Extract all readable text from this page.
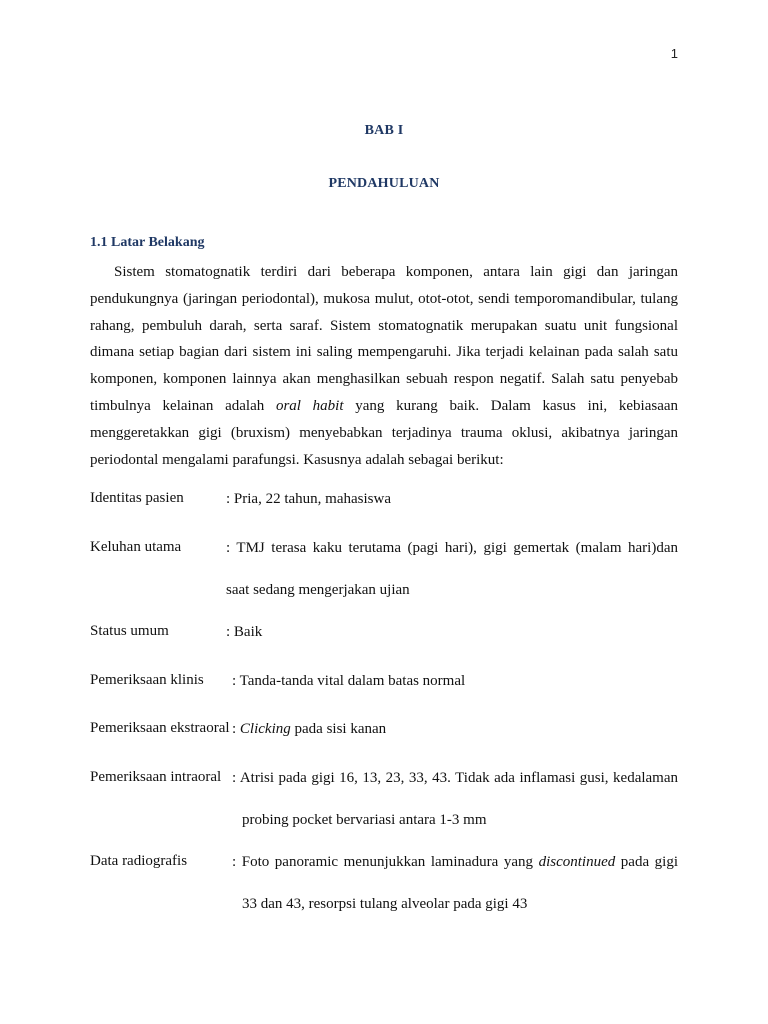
1
BAB I
PENDAHULUAN
1.1 Latar Belakang

Sistem stomatognatik terdiri dari beberapa komponen, antara lain gigi dan jaringan pendukungnya (jaringan periodontal), mukosa mulut, otot-otot, sendi temporomandibular, tulang rahang, pembuluh darah, serta saraf. Sistem stomatognatik merupakan suatu unit fungsional dimana setiap bagian dari sistem ini saling mempengaruhi. Jika terjadi kelainan pada salah satu komponen, komponen lainnya akan menghasilkan sebuah respon negatif. Salah satu penyebab timbulnya kelainan adalah oral habit yang kurang baik. Dalam kasus ini, kebiasaan menggeretakkan gigi (bruxism) menyebabkan terjadinya trauma oklusi, akibatnya jaringan periodontal mengalami parafungsi. Kasusnya adalah sebagai berikut:

Identitas pasien	: Pria, 22 tahun, mahasiswa
Keluhan utama	: TMJ terasa kaku terutama (pagi hari), gigi gemertak (malam hari)dan
saat sedang mengerjakan ujian
Status umum	: Baik
Pemeriksaan klinis : Tanda-tanda vital dalam batas normal
Pemeriksaan ekstraoral : Clicking pada sisi kanan
Pemeriksaan intraoral : Atrisi pada gigi 16, 13, 23, 33, 43. Tidak ada inflamasi gusi, kedalaman
probing pocket bervariasi antara 1-3 mm
Data radiografis	: Foto panoramic menunjukkan laminadura yang discontinued pada gigi
33 dan 43, resorpsi tulang alveolar pada gigi 43
